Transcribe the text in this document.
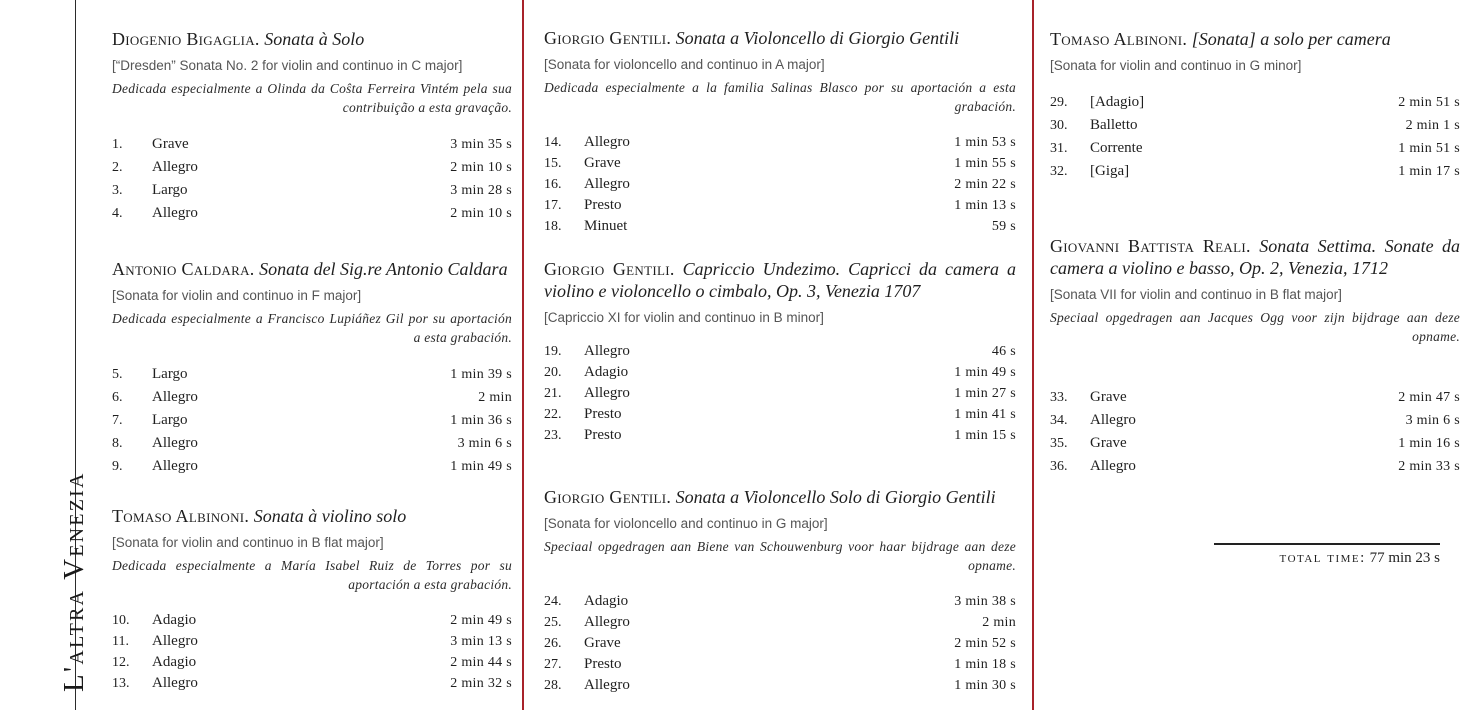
L'altra Venezia
Diogenio Bigaglia. Sonata à Solo
[“Dresden” Sonata No. 2 for violin and continuo in C major]
Dedicada especialmente a Olinda da Coŝta Ferreira Vintém pela sua contribuição a esta gravação.
1.	Grave	3 min 35 s
2.	Allegro	2 min 10 s
3.	Largo	3 min 28 s
4.	Allegro	2 min 10 s
Antonio Caldara. Sonata del Sig.re Antonio Caldara
[Sonata for violin and continuo in F major]
Dedicada especialmente a Francisco Lupiáñez Gil por su aportación a esta grabación.
5.	Largo	1 min 39 s
6.	Allegro	2 min
7.	Largo	1 min 36 s
8.	Allegro	3 min 6 s
9.	Allegro	1 min 49 s
Tomaso Albinoni. Sonata à violino solo
[Sonata for violin and continuo in B flat major]
Dedicada especialmente a María Isabel Ruiz de Torres por su aportación a esta grabación.
10.	Adagio	2 min 49 s
11.	Allegro	3 min 13 s
12.	Adagio	2 min 44 s
13.	Allegro	2 min 32 s
Giorgio Gentili. Sonata a Violoncello di Giorgio Gentili
[Sonata for violoncello and continuo in A major]
Dedicada especialmente a la familia Salinas Blasco por su aportación a esta grabación.
14.	Allegro	1 min 53 s
15.	Grave	1 min 55 s
16.	Allegro	2 min 22 s
17.	Presto	1 min 13 s
18.	Minuet	59 s
Giorgio Gentili. Capriccio Undezimo. Capricci da camera a violino e violoncello o cimbalo, Op. 3, Venezia 1707
[Capriccio XI for violin and continuo in B minor]
19.	Allegro	46 s
20.	Adagio	1 min 49 s
21.	Allegro	1 min 27 s
22.	Presto	1 min 41 s
23.	Presto	1 min 15 s
Giorgio Gentili. Sonata a Violoncello Solo di Giorgio Gentili
[Sonata for violoncello and continuo in G major]
Speciaal opgedragen aan Biene van Schouwenburg voor haar bijdrage aan deze opname.
24.	Adagio	3 min 38 s
25.	Allegro	2 min
26.	Grave	2 min 52 s
27.	Presto	1 min 18 s
28.	Allegro	1 min 30 s
Tomaso Albinoni. [Sonata] a solo per camera
[Sonata for violin and continuo in G minor]
29.	[Adagio]	2 min 51 s
30.	Balletto	2 min 1 s
31.	Corrente	1 min 51 s
32.	[Giga]	1 min 17 s
Giovanni Battista Reali. Sonata Settima. Sonate da camera a violino e basso, Op. 2, Venezia, 1712
[Sonata VII for violin and continuo in B flat major]
Speciaal opgedragen aan Jacques Ogg voor zijn bijdrage aan deze opname.
33.	Grave	2 min 47 s
34.	Allegro	3 min 6 s
35.	Grave	1 min 16 s
36.	Allegro	2 min 33 s
total time: 77 min 23 s
